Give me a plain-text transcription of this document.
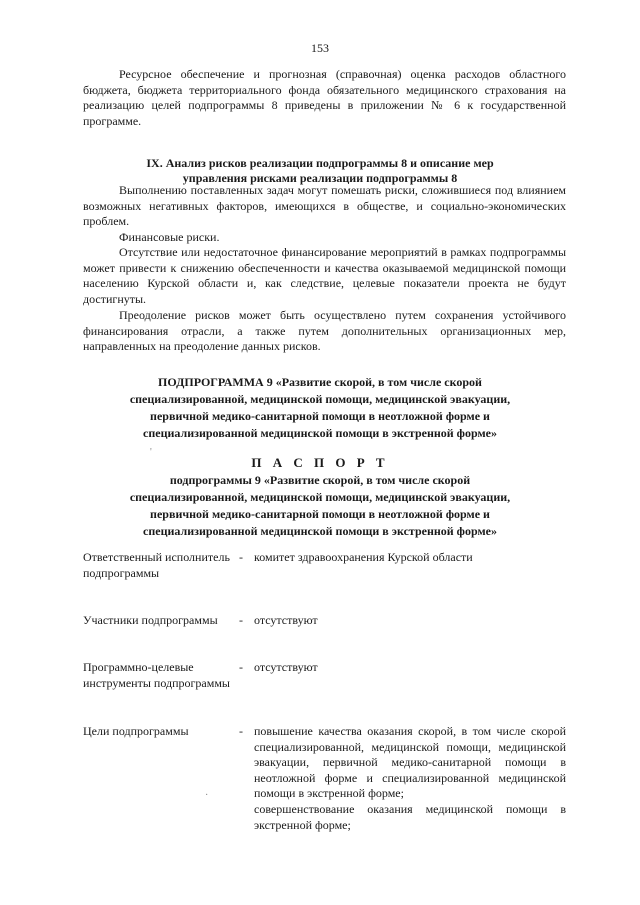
153

Ресурсное обеспечение и прогнозная (справочная) оценка расходов областного бюджета, бюджета территориального фонда обязательного медицинского страхования на реализацию целей подпрограммы 8 приведены в приложении № 6 к государственной программе.

IX. Анализ рисков реализации подпрограммы 8 и описание мер
управления рисками реализации подпрограммы 8

Выполнению поставленных задач могут помешать риски, сложившиеся под влиянием возможных негативных факторов, имеющихся в обществе, и социально-экономических проблем.

Финансовые риски.

Отсутствие или недостаточное финансирование мероприятий в рамках подпрограммы может привести к снижению обеспеченности и качества оказываемой медицинской помощи населению Курской области и, как следствие, целевые показатели проекта не будут достигнуты.

Преодоление рисков может быть осуществлено путем сохранения устойчивого финансирования отрасли, а также путем дополнительных организационных мер, направленных на преодоление данных рисков.

ПОДПРОГРАММА 9 «Развитие скорой, в том числе скорой
специализированной, медицинской помощи, медицинской эвакуации,
первичной медико-санитарной помощи в неотложной форме и
специализированной медицинской помощи в экстренной форме»
'
П А С П О Р Т
подпрограммы 9 «Развитие скорой, в том числе скорой
специализированной, медицинской помощи, медицинской эвакуации,
первичной медико-санитарной помощи в неотложной форме и
специализированной медицинской помощи в экстренной форме»
Ответственный исполнитель подпрограммы
- комитет здравоохранения Курской области
Участники подпрограммы	- отсутствуют
Программно-целевые инструменты подпрограммы
- отсутствуют
Цели подпрограммы	- повышение качества оказания скорой, в том числе скорой специализированной, медицинской помощи, медицинской эвакуации, первичной медико-санитарной помощи в неотложной форме и специализированной медицинской помощи в экстренной форме;

совершенствование оказания медицинской помощи в экстренной форме;

·
